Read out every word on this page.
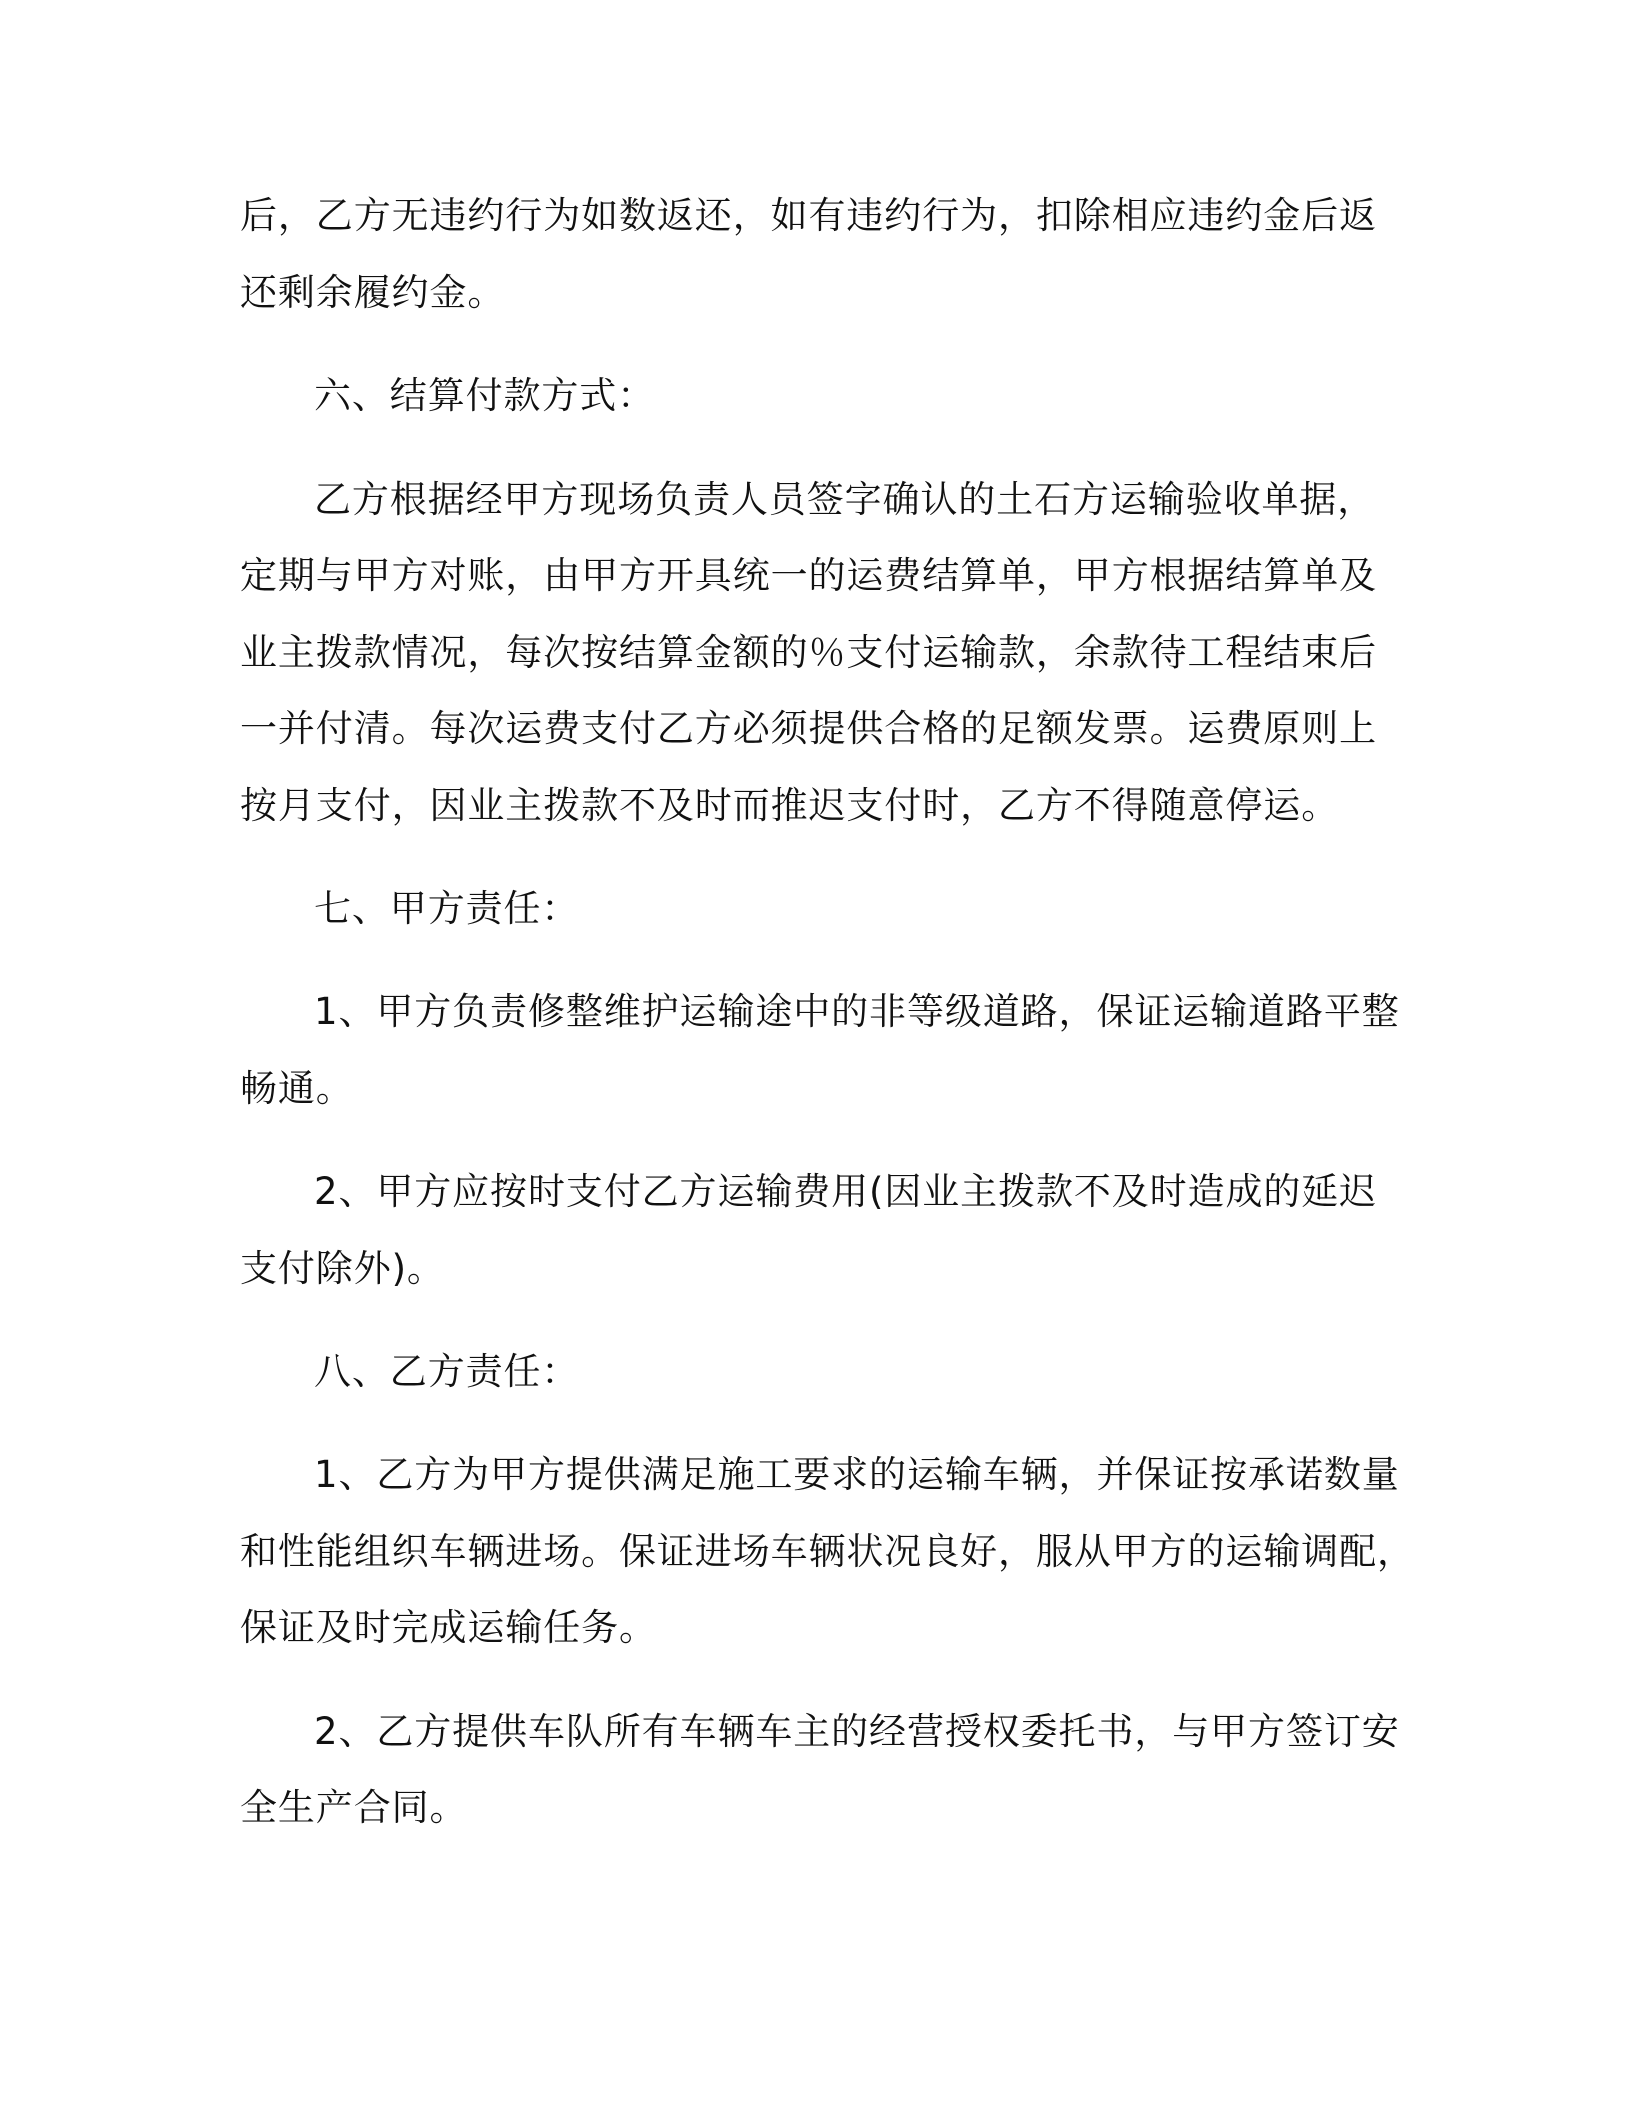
后，乙方无违约行为如数返还，如有违约行为，扣除相应违约金后返
还剩余履约金。
六、结算付款方式：
乙方根据经甲方现场负责人员签字确认的土石方运输验收单据，
定期与甲方对账，由甲方开具统一的运费结算单，甲方根据结算单及
业主拨款情况，每次按结算金额的％支付运输款，余款待工程结束后
一并付清。每次运费支付乙方必须提供合格的足额发票。运费原则上
按月支付，因业主拨款不及时而推迟支付时，乙方不得随意停运。
七、甲方责任：
1、甲方负责修整维护运输途中的非等级道路，保证运输道路平整
畅通。
2、甲方应按时支付乙方运输费用(因业主拨款不及时造成的延迟
支付除外)。
八、乙方责任：
1、乙方为甲方提供满足施工要求的运输车辆，并保证按承诺数量
和性能组织车辆进场。保证进场车辆状况良好，服从甲方的运输调配，
保证及时完成运输任务。
2、乙方提供车队所有车辆车主的经营授权委托书，与甲方签订安
全生产合同。
